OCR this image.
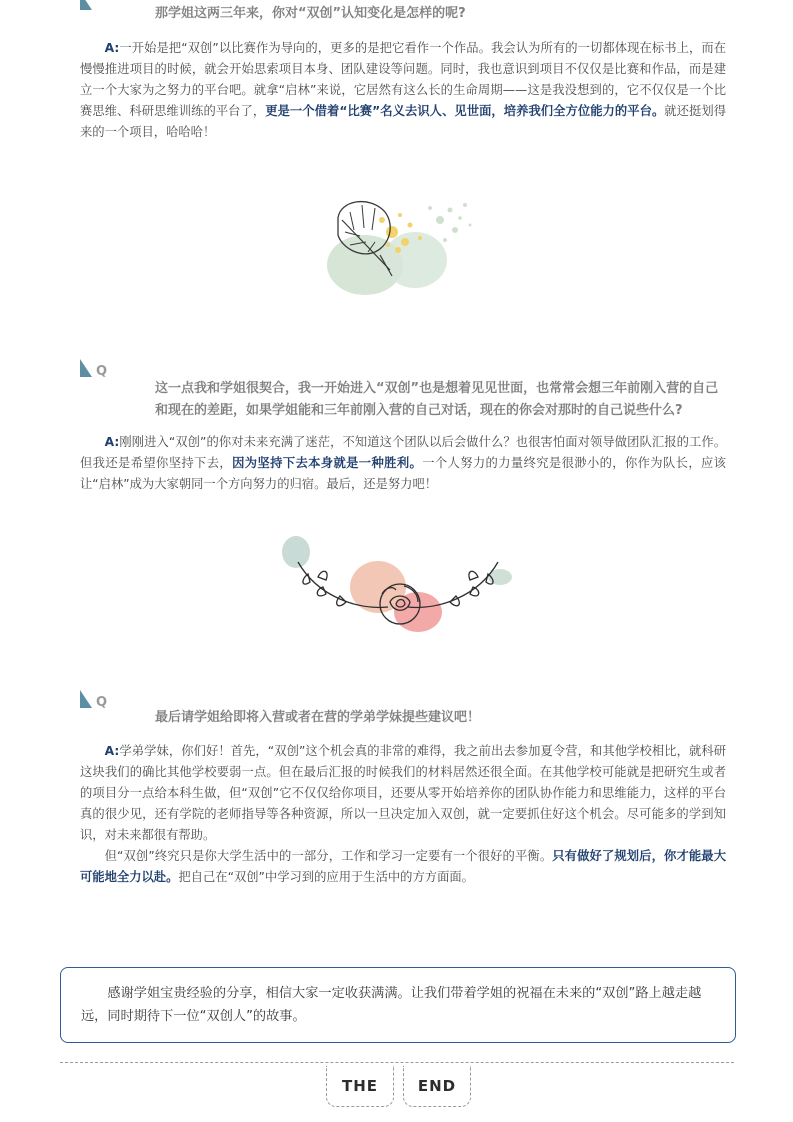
那学姐这两三年来，你对“双创”认知变化是怎样的呢?

A:一开始是把“双创”以比赛作为导向的，更多的是把它看作一个作品。我会认为所有的一切都体现在标书上，而在慢慢推进项目的时候，就会开始思索项目本身、团队建设等问题。同时，我也意识到项目不仅仅是比赛和作品，而是建立一个大家为之努力的平台吧。就拿“启林”来说，它居然有这么长的生命周期——这是我没想到的，它不仅仅是一个比赛思维、科研思维训练的平台了，更是一个借着“比赛”名义去识人、见世面，培养我们全方位能力的平台。就还挺划得来的一个项目，哈哈哈！

Q
这一点我和学姐很契合，我一开始进入“双创”也是想着见见世面，也常常会想三年前刚入营的自己和现在的差距，如果学姐能和三年前刚入营的自己对话，现在的你会对那时的自己说些什么?

A:刚刚进入“双创”的你对未来充满了迷茫，不知道这个团队以后会做什么？也很害怕面对领导做团队汇报的工作。但我还是希望你坚持下去，因为坚持下去本身就是一种胜利。一个人努力的力量终究是很渺小的，你作为队长，应该让“启林”成为大家朝同一个方向努力的归宿。最后，还是努力吧！

Q
最后请学姐给即将入营或者在营的学弟学妹提些建议吧！

A:学弟学妹，你们好！首先，“双创”这个机会真的非常的难得，我之前出去参加夏令营，和其他学校相比，就科研这块我们的确比其他学校要弱一点。但在最后汇报的时候我们的材料居然还很全面。在其他学校可能就是把研究生或者的项目分一点给本科生做，但“双创”它不仅仅给你项目，还要从零开始培养你的团队协作能力和思维能力，这样的平台真的很少见，还有学院的老师指导等各种资源，所以一旦决定加入双创，就一定要抓住好这个机会。尽可能多的学到知识，对未来都很有帮助。

但“双创”终究只是你大学生活中的一部分，工作和学习一定要有一个很好的平衡。只有做好了规划后，你才能最大可能地全力以赴。把自己在“双创”中学习到的应用于生活中的方方面面。

感谢学姐宝贵经验的分享，相信大家一定收获满满。让我们带着学姐的祝福在未来的“双创”路上越走越远，同时期待下一位“双创人”的故事。
THE	END
